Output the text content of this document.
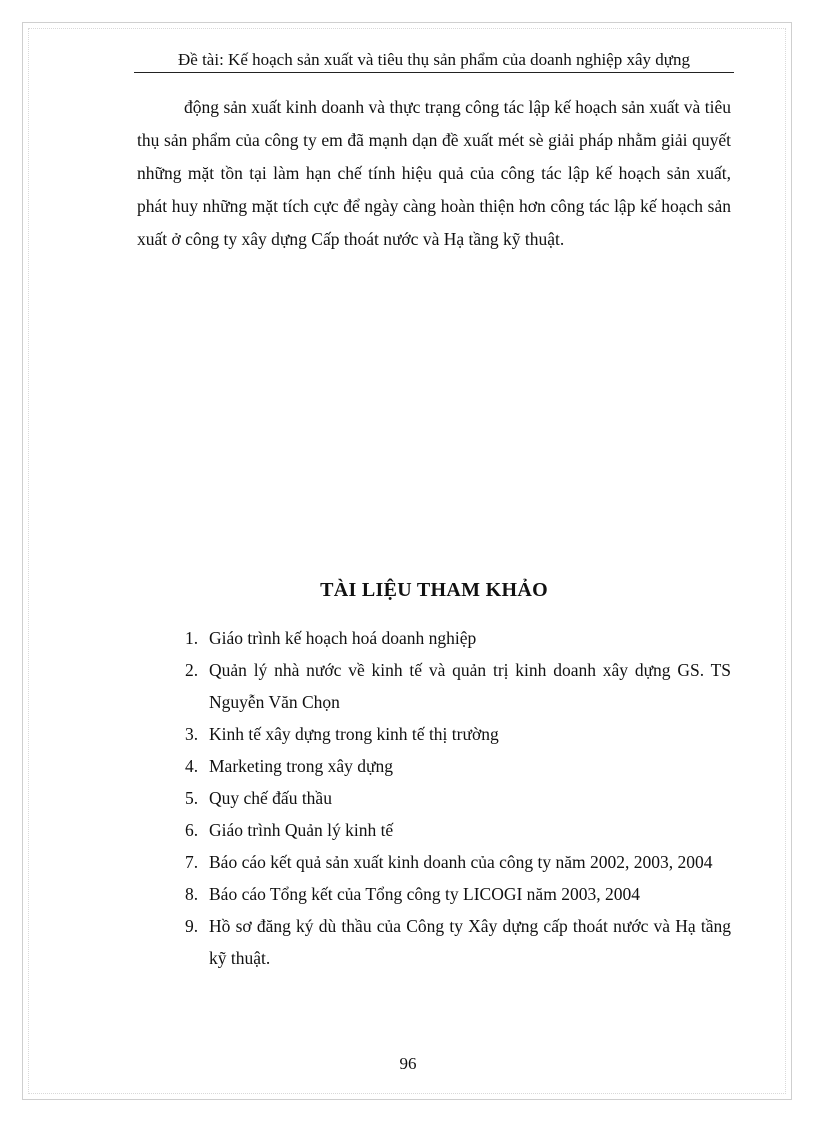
Đề tài: Kế hoạch sản xuất và tiêu thụ sản phẩm của doanh nghiệp xây dựng

động sản xuất kinh doanh và thực trạng công tác lập kế hoạch sản xuất và tiêu thụ sản phẩm của công ty em đã mạnh dạn đề xuất mét sè giải pháp nhằm giải quyết những mặt tồn tại làm hạn chế tính hiệu quả của công tác lập kế hoạch sản xuất, phát huy những mặt tích cực để ngày càng hoàn thiện hơn công tác lập kế hoạch sản xuất ở công ty xây dựng Cấp thoát nước và Hạ tầng kỹ thuật.

TÀI LIỆU THAM KHẢO
1. Giáo trình kế hoạch hoá doanh nghiệp
2. Quản lý nhà nước về kinh tế và quản trị kinh doanh xây dựng GS. TS Nguyễn Văn Chọn
3. Kinh tế xây dựng trong kinh tế thị trường
4. Marketing trong xây dựng
5. Quy chế đấu thầu
6. Giáo trình Quản lý kinh tế
7. Báo cáo kết quả sản xuất kinh doanh của công ty năm 2002, 2003, 2004
8. Báo cáo Tổng kết của Tổng công ty LICOGI năm 2003, 2004
9. Hồ sơ đăng ký dù thầu của Công ty Xây dựng cấp thoát nước và Hạ tầng kỹ thuật.
96
